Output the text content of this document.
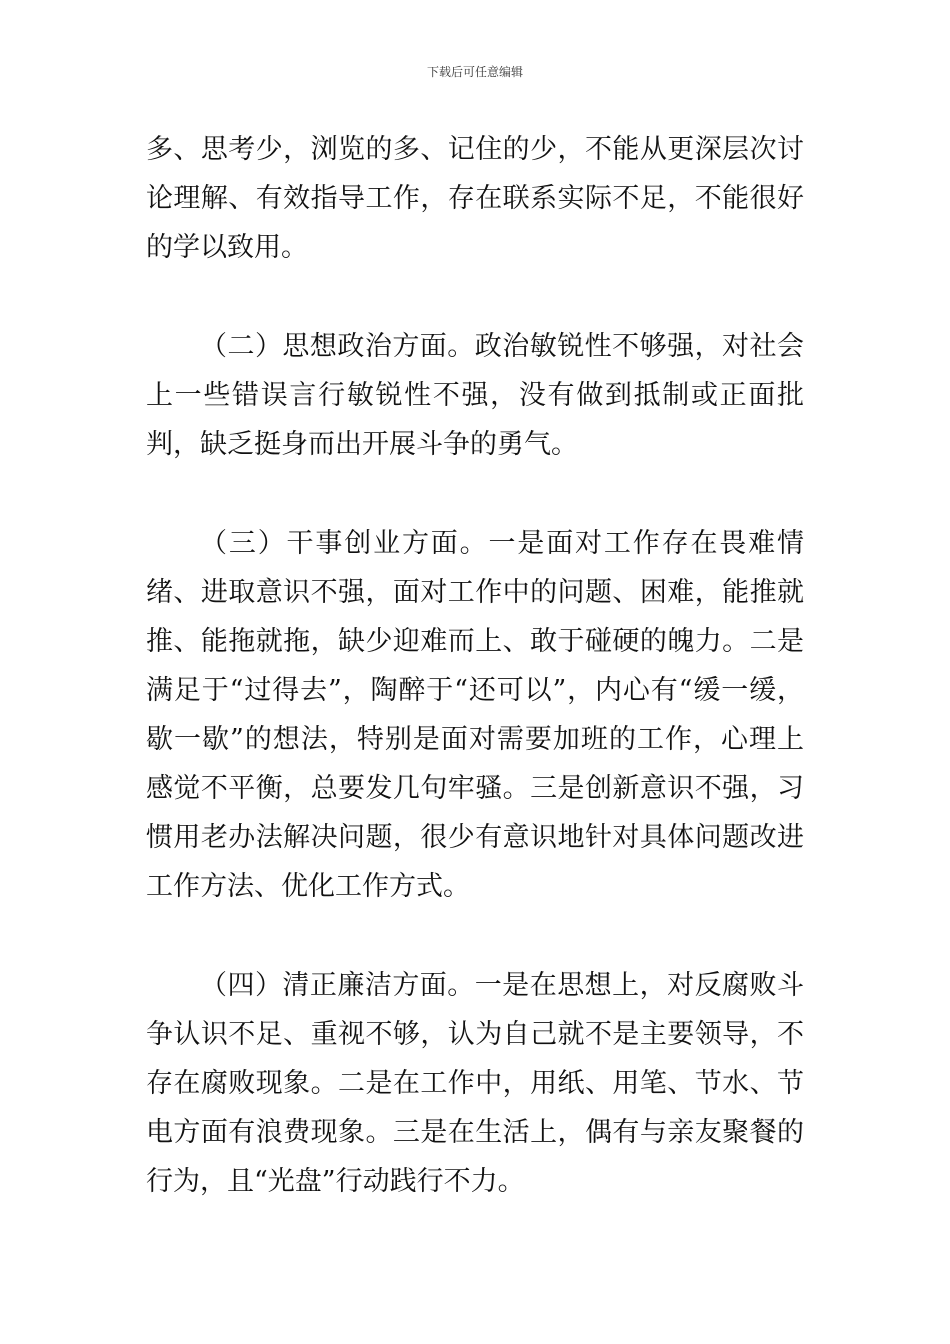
下载后可任意编辑

多、思考少，浏览的多、记住的少，不能从更深层次讨论理解、有效指导工作，存在联系实际不足，不能很好的学以致用。

（二）思想政治方面。政治敏锐性不够强，对社会上一些错误言行敏锐性不强，没有做到抵制或正面批判，缺乏挺身而出开展斗争的勇气。

（三）干事创业方面。一是面对工作存在畏难情绪、进取意识不强，面对工作中的问题、困难，能推就推、能拖就拖，缺少迎难而上、敢于碰硬的魄力。二是满足于“过得去”，陶醉于“还可以”，内心有“缓一缓，歇一歇”的想法，特别是面对需要加班的工作，心理上感觉不平衡，总要发几句牢骚。三是创新意识不强，习惯用老办法解决问题，很少有意识地针对具体问题改进工作方法、优化工作方式。

（四）清正廉洁方面。一是在思想上，对反腐败斗争认识不足、重视不够，认为自己就不是主要领导，不存在腐败现象。二是在工作中，用纸、用笔、节水、节电方面有浪费现象。三是在生活上，偶有与亲友聚餐的行为，且“光盘”行动践行不力。
